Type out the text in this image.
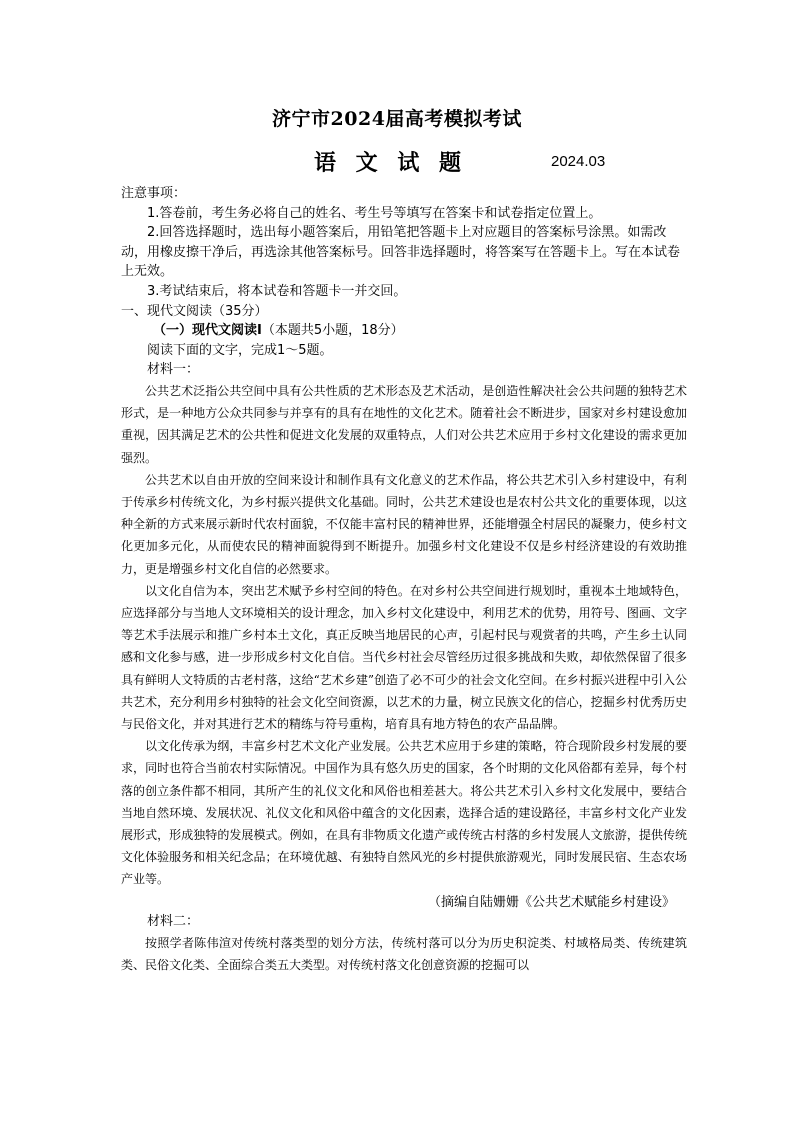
济宁市2024届高考模拟考试
语 文 试 题	2024.03
注意事项：
1.答卷前，考生务必将自己的姓名、考生号等填写在答案卡和试卷指定位置上。
2.回答选择题时，选出每小题答案后，用铅笔把答题卡上对应题目的答案标号涂黑。如需改动，用橡皮擦干净后，再选涂其他答案标号。回答非选择题时，将答案写在答题卡上。写在本试卷上无效。
3.考试结束后，将本试卷和答题卡一并交回。
一、现代文阅读（35分）
（一）现代文阅读Ⅰ（本题共5小题，18分）
阅读下面的文字，完成1～5题。
材料一：
公共艺术泛指公共空间中具有公共性质的艺术形态及艺术活动，是创造性解决社会公共问题的独特艺术形式，是一种地方公众共同参与并享有的具有在地性的文化艺术。随着社会不断进步，国家对乡村建设愈加重视，因其满足艺术的公共性和促进文化发展的双重特点，人们对公共艺术应用于乡村文化建设的需求更加强烈。
公共艺术以自由开放的空间来设计和制作具有文化意义的艺术作品，将公共艺术引入乡村建设中，有利于传承乡村传统文化，为乡村振兴提供文化基础。同时，公共艺术建设也是农村公共文化的重要体现，以这种全新的方式来展示新时代农村面貌，不仅能丰富村民的精神世界，还能增强全村居民的凝聚力，使乡村文化更加多元化，从而使农民的精神面貌得到不断提升。加强乡村文化建设不仅是乡村经济建设的有效助推力，更是增强乡村文化自信的必然要求。
以文化自信为本，突出艺术赋予乡村空间的特色。在对乡村公共空间进行规划时，重视本土地域特色，应选择部分与当地人文环境相关的设计理念，加入乡村文化建设中，利用艺术的优势，用符号、图画、文字等艺术手法展示和推广乡村本土文化，真正反映当地居民的心声，引起村民与观赏者的共鸣，产生乡土认同感和文化参与感，进一步形成乡村文化自信。当代乡村社会尽管经历过很多挑战和失败，却依然保留了很多具有鲜明人文特质的古老村落，这给“艺术乡建”创造了必不可少的社会文化空间。在乡村振兴进程中引入公共艺术，充分利用乡村独特的社会文化空间资源，以艺术的力量，树立民族文化的信心，挖掘乡村优秀历史与民俗文化，并对其进行艺术的精练与符号重构，培育具有地方特色的农产品品牌。
以文化传承为纲，丰富乡村艺术文化产业发展。公共艺术应用于乡建的策略，符合现阶段乡村发展的要求，同时也符合当前农村实际情况。中国作为具有悠久历史的国家，各个时期的文化风俗都有差异，每个村落的创立条件都不相同，其所产生的礼仪文化和风俗也相差甚大。将公共艺术引入乡村文化发展中，要结合当地自然环境、发展状况、礼仪文化和风俗中蕴含的文化因素，选择合适的建设路径，丰富乡村文化产业发展形式，形成独特的发展模式。例如，在具有非物质文化遗产或传统古村落的乡村发展人文旅游，提供传统文化体验服务和相关纪念品；在环境优越、有独特自然风光的乡村提供旅游观光，同时发展民宿、生态农场产业等。
（摘编自陆姗姗《公共艺术赋能乡村建设》
材料二：
按照学者陈伟渲对传统村落类型的划分方法，传统村落可以分为历史积淀类、村域格局类、传统建筑类、民俗文化类、全面综合类五大类型。对传统村落文化创意资源的挖掘可以
